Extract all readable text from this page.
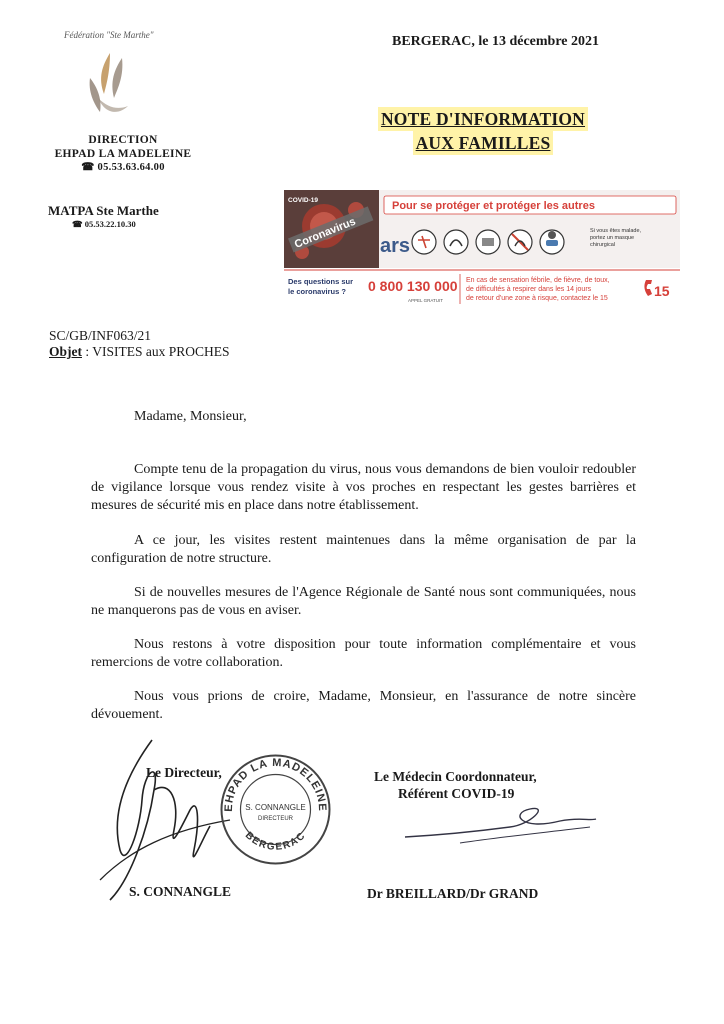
Fédération "Ste Marthe"
DIRECTION
EHPAD LA MADELEINE
☎ 05.53.63.64.00
MATPA Ste Marthe
☎ 05.53.22.10.30
BERGERAC, le 13 décembre 2021
NOTE D'INFORMATION
AUX FAMILLES
COVID-19
Coronavirus
Pour se protéger et protéger les autres
ars
Si vous êtes malade,
portez un masque
chirurgical
Des questions sur
le coronavirus ? 0 800 130 000
APPEL GRATUIT
En cas de sensation fébrile, de fièvre, de toux,
de difficultés à respirer dans les 14 jours
de retour d'une zone à risque, contactez le 15	15
SC/GB/INF063/21
Objet : VISITES aux PROCHES
Madame, Monsieur,
Compte tenu de la propagation du virus, nous vous demandons de bien vouloir redoubler de vigilance lorsque vous rendez visite à vos proches en respectant les gestes barrières et mesures de sécurité mis en place dans notre établissement.
A ce jour, les visites restent maintenues dans la même organisation de par la configuration de notre structure.
Si de nouvelles mesures de l'Agence Régionale de Santé nous sont communiquées, nous ne manquerons pas de vous en aviser.
Nous restons à votre disposition pour toute information complémentaire et vous remercions de votre collaboration.
Nous vous prions de croire, Madame, Monsieur, en l'assurance de notre sincère dévouement.
Le Directeur,	Le Médecin Coordonnateur,
Référent COVID-19
EHPAD LA MADELEINE
BERGERAC
S. CONNANGLE
DIRECTEUR
S. CONNANGLE	Dr BREILLARD/Dr GRAND
